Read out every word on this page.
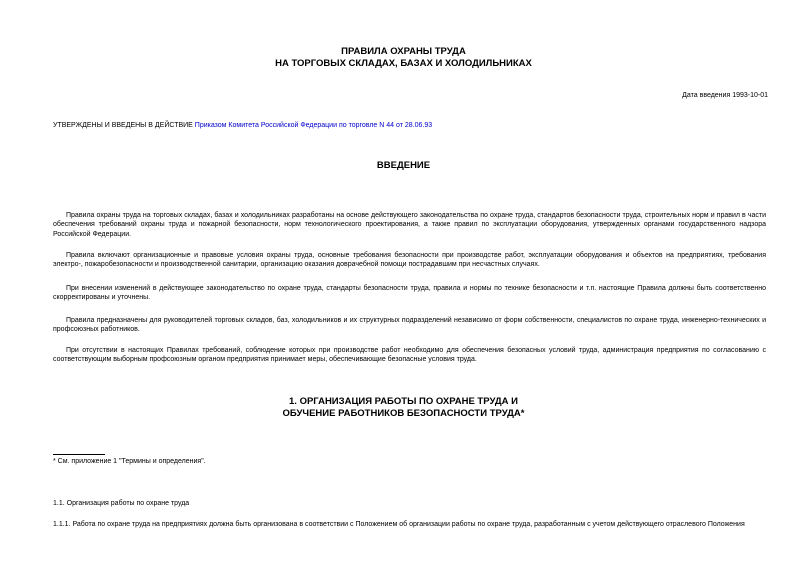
ПРАВИЛА ОХРАНЫ ТРУДА
НА ТОРГОВЫХ СКЛАДАХ, БАЗАХ И ХОЛОДИЛЬНИКАХ
Дата введения 1993-10-01
УТВЕРЖДЕНЫ И ВВЕДЕНЫ В ДЕЙСТВИЕ Приказом Комитета Российской Федерации по торговле N 44 от 28.06.93
ВВЕДЕНИЕ

Правила охраны труда на торговых складах, базах и холодильниках разработаны на основе действующего законодательства по охране труда, стандартов безопасности труда, строительных норм и правил в части обеспечения требований охраны труда и пожарной безопасности, норм технологического проектирования, а также правил по эксплуатации оборудования, утвержденных органами государственного надзора Российской Федерации.

Правила включают организационные и правовые условия охраны труда, основные требования безопасности при производстве работ, эксплуатации оборудования и объектов на предприятиях, требования электро-, пожаробезопасности и производственной санитарии, организацию оказания доврачебной помощи пострадавшим при несчастных случаях.

При внесении изменений в действующее законодательство по охране труда, стандарты безопасности труда, правила и нормы по технике безопасности и т.п. настоящие Правила должны быть соответственно скорректированы и уточнены.

Правила предназначены для руководителей торговых складов, баз, холодильников и их структурных подразделений независимо от форм собственности, специалистов по охране труда, инженерно-технических и профсоюзных работников.

При отсутствии в настоящих Правилах требований, соблюдение которых при производстве работ необходимо для обеспечения безопасных условий труда, администрация предприятия по согласованию с соответствующим выборным профсоюзным органом предприятия принимает меры, обеспечивающие безопасные условия труда.

1. ОРГАНИЗАЦИЯ РАБОТЫ ПО ОХРАНЕ ТРУДА И
ОБУЧЕНИЕ РАБОТНИКОВ БЕЗОПАСНОСТИ ТРУДА*
* См. приложение 1 "Термины и определения".
1.1. Организация работы по охране труда
1.1.1. Работа по охране труда на предприятиях должна быть организована в соответствии с Положением об организации работы по охране труда, разработанным с учетом действующего отраслевого Положения
